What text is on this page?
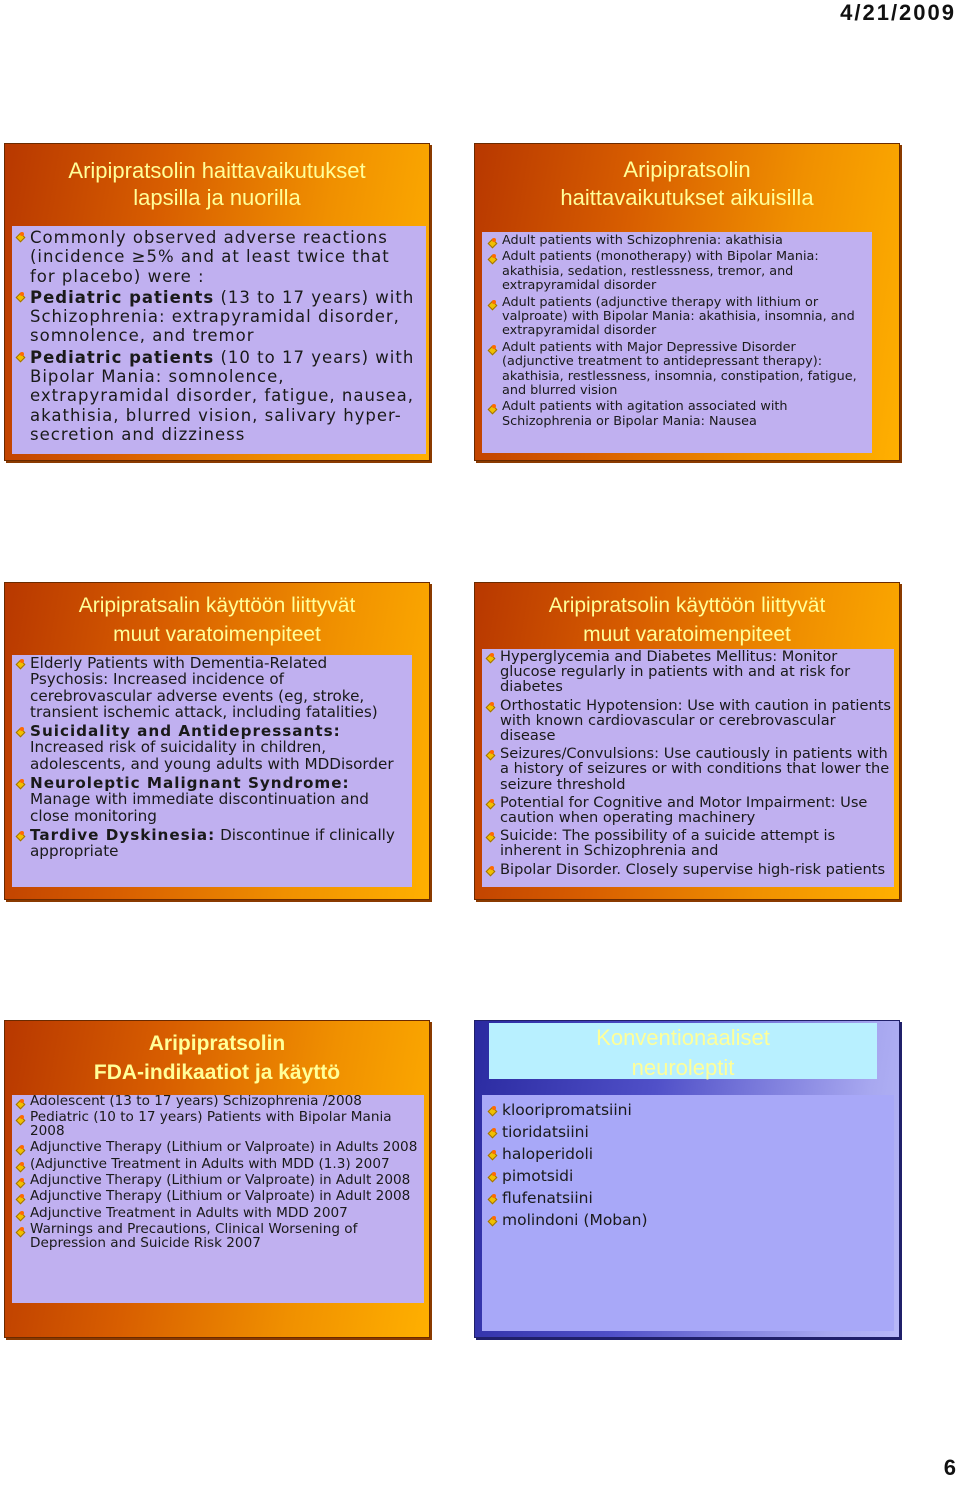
4/21/2009
Aripipratsolin haittavaikutukset
lapsilla ja nuorilla
Commonly observed adverse reactions (incidence ≥5% and at least twice that for placebo) were :
Pediatric patients (13 to 17 years) with Schizophrenia: extrapyramidal disorder, somnolence, and tremor
Pediatric patients (10 to 17 years) with Bipolar Mania: somnolence, extrapyramidal disorder, fatigue, nausea, akathisia, blurred vision, salivary hyper-secretion and dizziness
Aripipratsolin
haittavaikutukset aikuisilla
Adult patients with Schizophrenia: akathisia
Adult patients (monotherapy) with Bipolar Mania: akathisia, sedation, restlessness, tremor, and extrapyramidal disorder
Adult patients (adjunctive therapy with lithium or valproate) with Bipolar Mania: akathisia, insomnia, and extrapyramidal disorder
Adult patients with Major Depressive Disorder (adjunctive treatment to antidepressant therapy): akathisia, restlessness, insomnia, constipation, fatigue, and blurred vision
Adult patients with agitation associated with Schizophrenia or Bipolar Mania: Nausea
Aripipratsalin käyttöön liittyvät
muut varatoimenpiteet
Elderly Patients with Dementia-Related Psychosis: Increased incidence of cerebrovascular adverse events (eg, stroke, transient ischemic attack, including fatalities)
Suicidality and Antidepressants: Increased risk of suicidality in children, adolescents, and young adults with MDDisorder
Neuroleptic Malignant Syndrome: Manage with immediate discontinuation and close monitoring
Tardive Dyskinesia: Discontinue if clinically appropriate
Aripipratsolin käyttöön liittyvät
muut varatoimenpiteet
Hyperglycemia and Diabetes Mellitus: Monitor glucose regularly in patients with and at risk for diabetes
Orthostatic Hypotension: Use with caution in patients with known cardiovascular or cerebrovascular disease
Seizures/Convulsions: Use cautiously in patients with a history of seizures or with conditions that lower the seizure threshold
Potential for Cognitive and Motor Impairment: Use caution when operating machinery
Suicide: The possibility of a suicide attempt is inherent in Schizophrenia and
Bipolar Disorder. Closely supervise high-risk patients
Aripipratsolin
FDA-indikaatiot ja käyttö
Adolescent (13 to 17 years) Schizophrenia /2008
Pediatric (10 to 17 years) Patients with Bipolar Mania 2008
Adjunctive Therapy (Lithium or Valproate) in Adults 2008
(Adjunctive Treatment in Adults with MDD (1.3) 2007
Adjunctive Therapy (Lithium or Valproate) in Adult 2008
Adjunctive Therapy (Lithium or Valproate) in Adult 2008
Adjunctive Treatment in Adults with MDD 2007
Warnings and Precautions, Clinical Worsening of Depression and Suicide Risk 2007
Konventionaaliset
neuroleptit
klooripromatsiini
tioridatsiini
haloperidoli
pimotsidi
flufenatsiini
molindoni (Moban)
6
